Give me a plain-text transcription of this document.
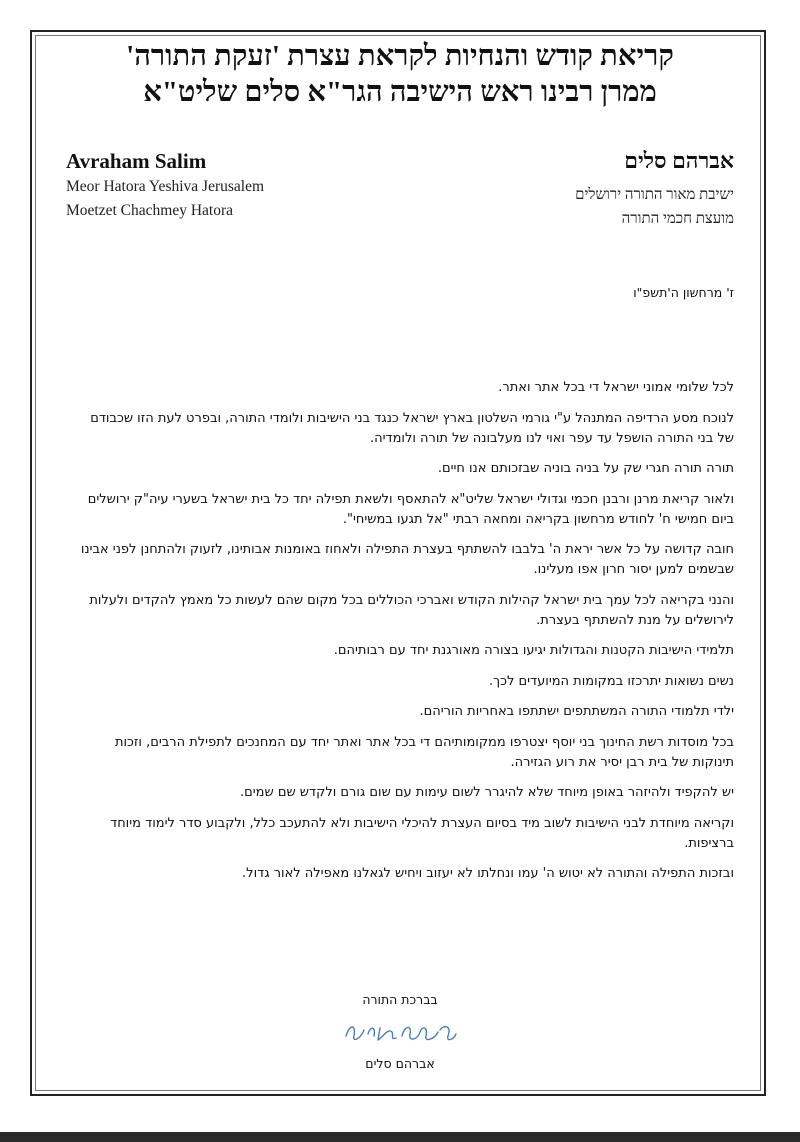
קריאת קודש והנחיות לקראת עצרת 'זעקת התורה'
ממרן רבינו ראש הישיבה הגר"א סלים שליט"א
Avraham Salim
Meor Hatora Yeshiva Jerusalem
Moetzet Chachmey Hatora
אברהם סלים
ישיבת מאור התורה ירושלים
מועצת חכמי התורה
ז' מרחשון ה'תשפ"ו

לכל שלומי אמוני ישראל די בכל אתר ואתר.

לנוכח מסע הרדיפה המתנהל ע"י גורמי השלטון בארץ ישראל כנגד בני הישיבות ולומדי התורה, ובפרט לעת הזו שכבודם של בני התורה הושפל עד עפר ואוי לנו מעלבונה של תורה ולומדיה.

תורה תורה חגרי שק על בניה בוניה שבזכותם אנו חיים.

ולאור קריאת מרנן ורבנן חכמי וגדולי ישראל שליט"א להתאסף ולשאת תפילה יחד כל בית ישראל בשערי עיה"ק ירושלים ביום חמישי ח' לחודש מרחשון בקריאה ומחאה רבתי "אל תגעו במשיחי".

חובה קדושה על כל אשר יראת ה' בלבבו להשתתף בעצרת התפילה ולאחוז באומנות אבותינו, לזעוק ולהתחנן לפני אבינו שבשמים למען יסור חרון אפו מעלינו.

והנני בקריאה לכל עמך בית ישראל קהילות הקודש ואברכי הכוללים בכל מקום שהם לעשות כל מאמץ להקדים ולעלות לירושלים על מנת להשתתף בעצרת.

תלמידי הישיבות הקטנות והגדולות יגיעו בצורה מאורגנת יחד עם רבותיהם.

נשים נשואות יתרכזו במקומות המיועדים לכך.

ילדי תלמודי התורה המשתתפים ישתתפו באחריות הוריהם.

בכל מוסדות רשת החינוך בני יוסף יצטרפו ממקומותיהם די בכל אתר ואתר יחד עם המחנכים לתפילת הרבים, וזכות תינוקות של בית רבן יסיר את רוע הגזירה.

יש להקפיד ולהיזהר באופן מיוחד שלא להיגרר לשום עימות עם שום גורם ולקדש שם שמים.

וקריאה מיוחדת לבני הישיבות לשוב מיד בסיום העצרת להיכלי הישיבות ולא להתעכב כלל, ולקבוע סדר לימוד מיוחד ברציפות.

ובזכות התפילה והתורה לא יטוש ה' עמו ונחלתו לא יעזוב ויחיש לגאלנו מאפילה לאור גדול.

בברכת התורה
אברהם סלים
